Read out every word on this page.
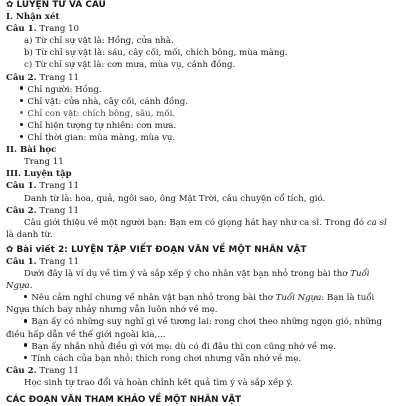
✿ LUYỆN TỪ VÀ CÂU

I. Nhận xét

Câu 1. Trang 10

a) Từ chỉ sự vật là: Hồng, cửa nhà.

b) Từ chỉ sự vật là: sáu, cây cối, mối, chích bông, mùa màng.

c) Từ chỉ sự vật là: cơn mưa, mùa vụ, cánh đồng.

Câu 2. Trang 11

Chỉ người: Hồng.

Chỉ vật: cửa nhà, cây cối, cánh đồng.

Chỉ con vật: chích bông, sâu, mối.

Chỉ hiện tượng tự nhiên: cơn mưa.

Chỉ thời gian: mùa màng, mùa vụ.

II. Bài học

Trang 11

III. Luyện tập

Câu 1. Trang 11

Danh từ là: hoa, quả, ngôi sao, ông Mặt Trời, câu chuyện cổ tích, gió.

Câu 2. Trang 11

Câu giới thiệu về một người bạn: Bạn em có giọng hát hay như ca sĩ. Trong đó ca sĩ là danh từ.

✿ Bài viết 2: LUYỆN TẬP VIẾT ĐOẠN VĂN VỀ MỘT NHÂN VẬT

Câu 1. Trang 11

Dưới đây là ví dụ về tìm ý và sắp xếp ý cho nhân vật bạn nhỏ trong bài thơ Tuổi Ngựa.

Nêu cảm nghĩ chung về nhân vật bạn nhỏ trong bài thơ Tuổi Ngựa: Bạn là tuổi Ngựa thích bay nhảy nhưng vẫn luôn nhớ về mẹ.

Bạn ấy có những suy nghĩ gì về tương lai: rong chơi theo những ngọn gió, những điều hấp dẫn về thế giới ngoài kia,...

Bạn ấy nhắn nhủ điều gì với mẹ: dù có đi đâu thì con cũng nhớ về mẹ.

Tính cách của bạn nhỏ: thích rong chơi nhưng vẫn nhớ về mẹ.

Câu 2. Trang 11

Học sinh tự trao đổi và hoàn chỉnh kết quả tìm ý và sắp xếp ý.

CÁC ĐOẠN VĂN THAM KHẢO VỀ MỘT NHÂN VẬT
